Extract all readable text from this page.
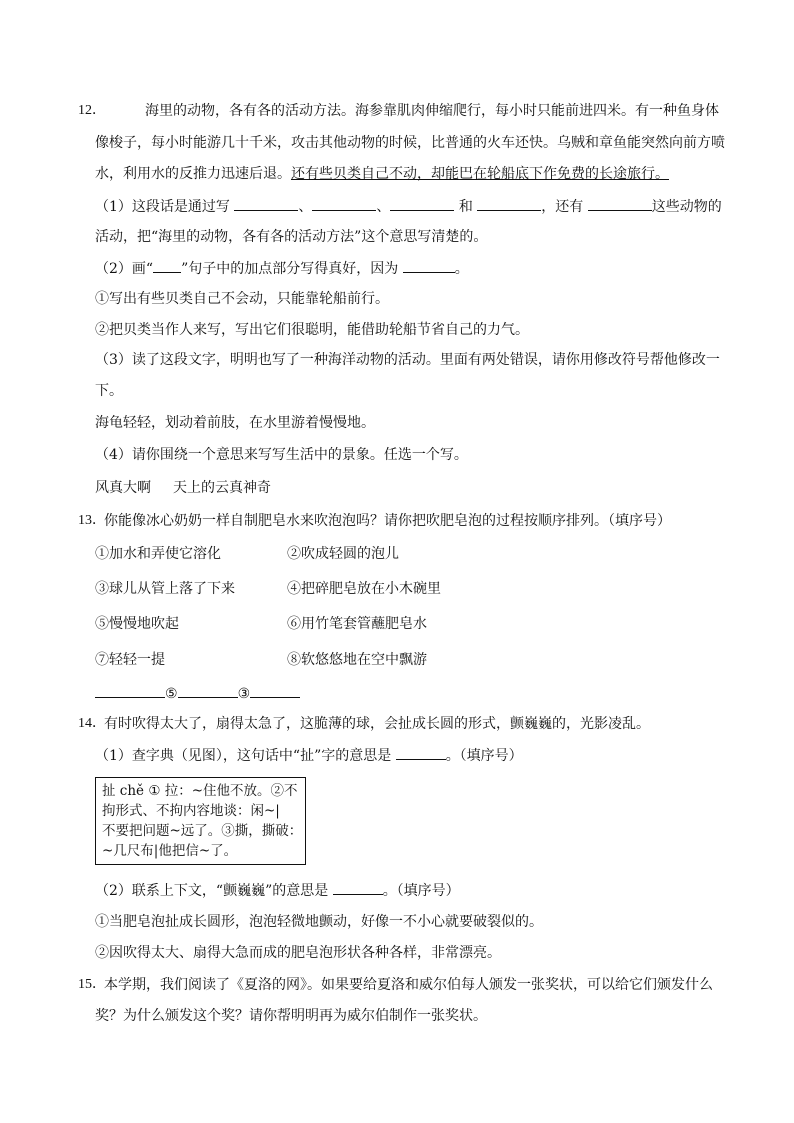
12．	海里的动物，各有各的活动方法。海参靠肌肉伸缩爬行，每小时只能前进四米。有一种鱼身体
像梭子，每小时能游几十千米，攻击其他动物的时候，比普通的火车还快。乌贼和章鱼能突然向前方喷
水，利用水的反推力迅速后退。还有些贝类自己不动，却能巴在轮船底下作免费的长途旅行。
（1）这段话是通过写	、	、	和	，还有	这些动物的
活动，把“海里的动物，各有各的活动方法”这个意思写清楚的。
（2）画“ ”句子中的加点部分写得真好，因为	。
①写出有些贝类自己不会动，只能靠轮船前行。
②把贝类当作人来写，写出它们很聪明，能借助轮船节省自己的力气。
（3）读了这段文字，明明也写了一种海洋动物的活动。里面有两处错误，请你用修改符号帮他修改一
下。
海龟轻轻，划动着前肢，在水里游着慢慢地。
（4）请你围绕一个意思来写写生活中的景象。任选一个写。
风真大啊 天上的云真神奇
13．
你能像冰心奶奶一样自制肥皂水来吹泡泡吗？请你把吹肥皂泡的过程按顺序排列。（填序号）
①加水和弄使它溶化	②吹成轻圆的泡儿
③球儿从管上落了下来	④把碎肥皂放在小木碗里
⑤慢慢地吹起	⑥用竹笔套管蘸肥皂水
⑦轻轻一提	⑧软悠悠地在空中飘游
⑤	③
14．
有时吹得太大了，扇得太急了，这脆薄的球，会扯成长圆的形式，颤巍巍的，光影凌乱。
（1）查字典（见图），这句话中“扯”字的意思是	。（填序号）
扯 chě ① 拉：~住他不放。②不
拘形式、不拘内容地谈：闲~|
不要把问题~远了。③撕，撕破：
~几尺布|他把信~了。
（2）联系上下文，“颤巍巍”的意思是	。（填序号）
①当肥皂泡扯成长圆形，泡泡轻微地颤动，好像一不小心就要破裂似的。
②因吹得太大、扇得大急而成的肥皂泡形状各种各样，非常漂亮。
15．
本学期，我们阅读了《夏洛的网》。如果要给夏洛和威尔伯每人颁发一张奖状，可以给它们颁发什么
奖？为什么颁发这个奖？请你帮明明再为威尔伯制作一张奖状。
